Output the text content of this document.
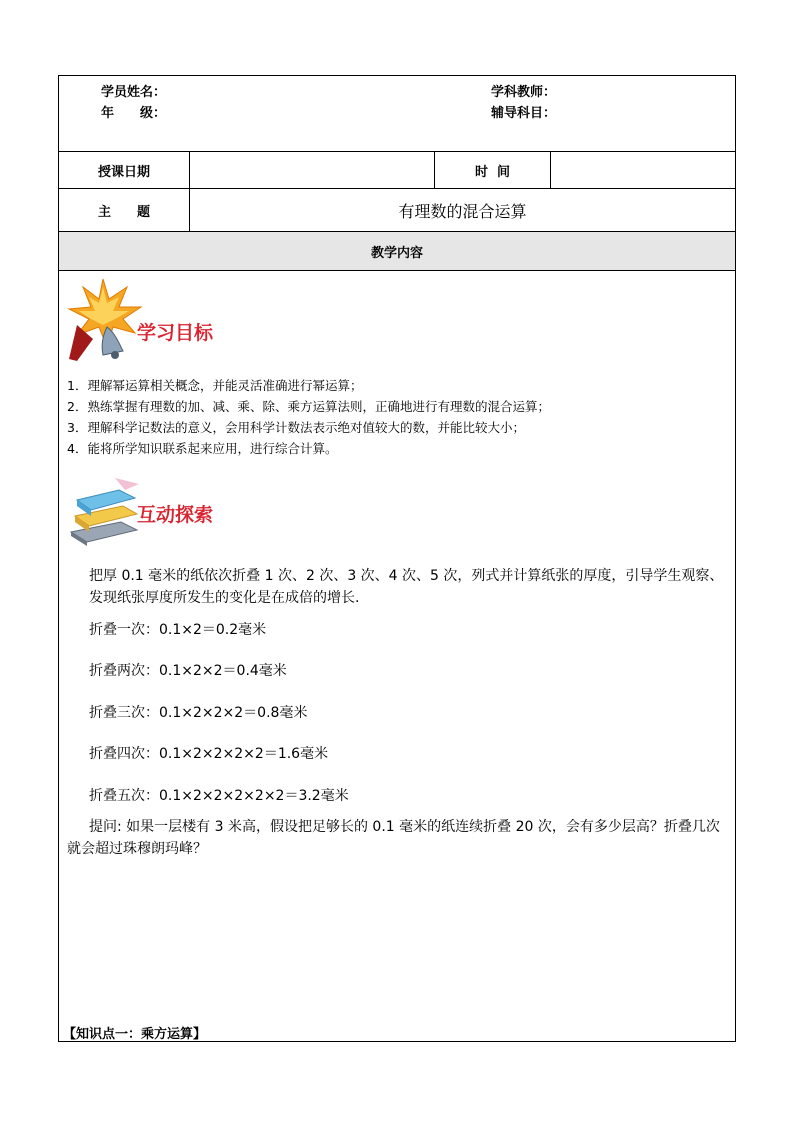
学员姓名：
年　　级：
学科教师：
辅导科目：
授课日期	时  间
主　　题	有理数的混合运算
教学内容
学习目标
1．理解幂运算相关概念，并能灵活准确进行幂运算；
2．熟练掌握有理数的加、减、乘、除、乘方运算法则，正确地进行有理数的混合运算；
3．理解科学记数法的意义，会用科学计数法表示绝对值较大的数，并能比较大小；
4．能将所学知识联系起来应用，进行综合计算。
互动探索
把厚 0.1 毫米的纸依次折叠 1 次、2 次、3 次、4 次、5 次，列式并计算纸张的厚度，引导学生观察、发现纸张厚度所发生的变化是在成倍的增长.
折叠一次：0.1×2＝0.2毫米
折叠两次：0.1×2×2＝0.4毫米
折叠三次：0.1×2×2×2＝0.8毫米
折叠四次：0.1×2×2×2×2＝1.6毫米
折叠五次：0.1×2×2×2×2×2＝3.2毫米
提问: 如果一层楼有 3 米高，假设把足够长的 0.1 毫米的纸连续折叠 20 次，会有多少层高？折叠几次就会超过珠穆朗玛峰？
【知识点一：乘方运算】
